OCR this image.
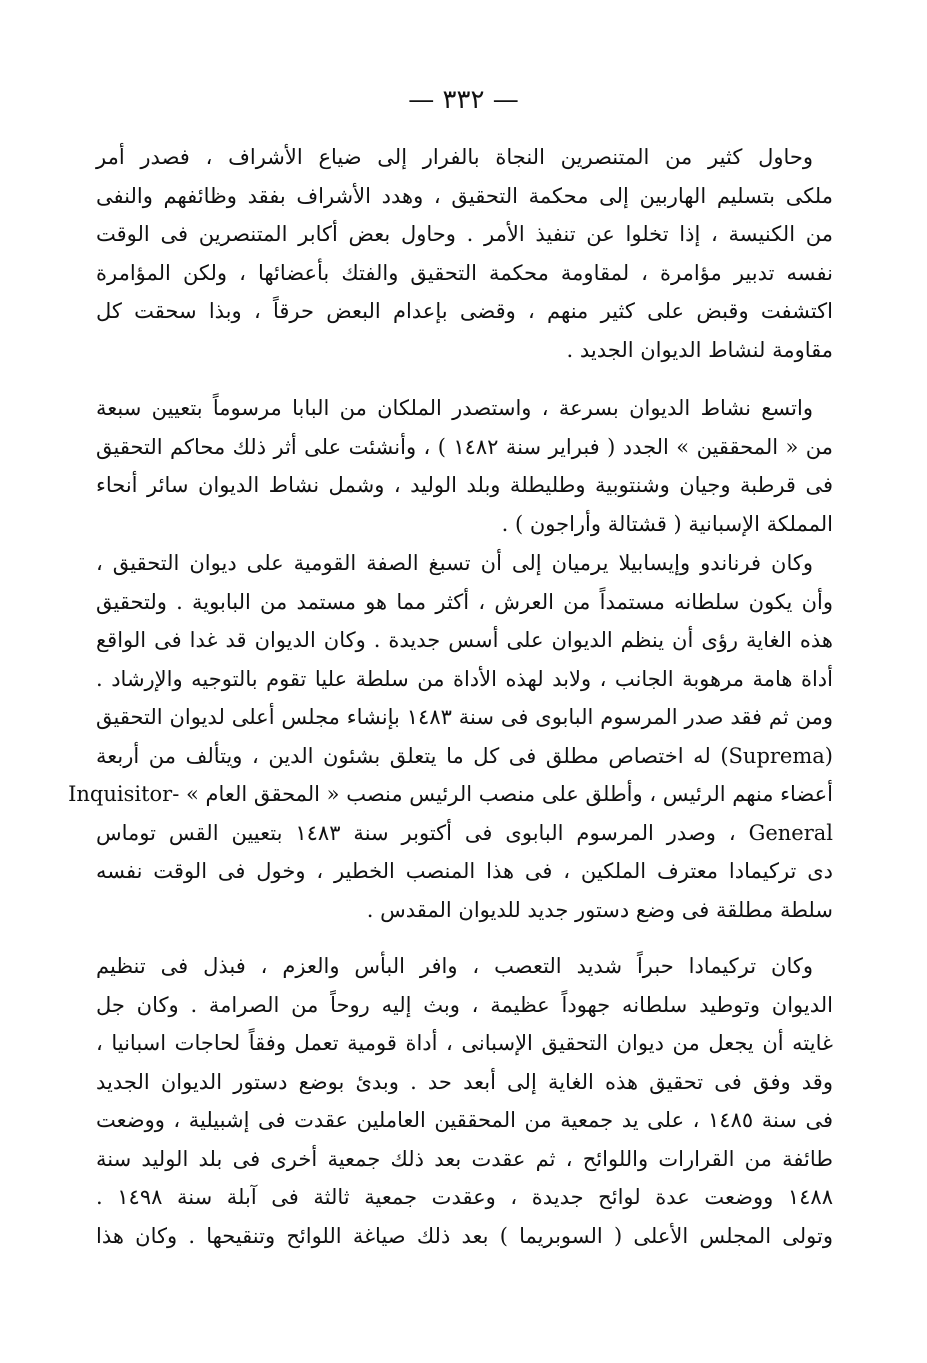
— ٣٣٢ —
وحاول كثير من المتنصرين النجاة بالفرار إلى ضياع الأشراف ، فصدر أمر
ملكى بتسليم الهاربين إلى محكمة التحقيق ، وهدد الأشراف بفقد وظائفهم والنفى
من الكنيسة ، إذا تخلوا عن تنفيذ الأمر . وحاول بعض أكابر المتنصرين فى الوقت
نفسه تدبير مؤامرة ، لمقاومة محكمة التحقيق والفتك بأعضائها ، ولكن المؤامرة
اكتشفت وقبض على كثير منهم ، وقضى بإعدام البعض حرقاً ، وبذا سحقت كل
مقاومة لنشاط الديوان الجديد .
واتسع نشاط الديوان بسرعة ، واستصدر الملكان من البابا مرسوماً بتعيين سبعة
من « المحققين » الجدد ( فبراير سنة ١٤٨٢ ) ، وأنشئت على أثر ذلك محاكم التحقيق
فى قرطبة وجيان وشنتوبية وطليطلة وبلد الوليد ، وشمل نشاط الديوان سائر أنحاء
المملكة الإسبانية ( قشتالة وأراجون ) .
وكان فرناندو وإيسابيلا يرميان إلى أن تسبغ الصفة القومية على ديوان التحقيق ،
وأن يكون سلطانه مستمداً من العرش ، أكثر مما هو مستمد من البابوية . ولتحقيق
هذه الغاية رؤى أن ينظم الديوان على أسس جديدة . وكان الديوان قد غدا فى الواقع
أداة هامة مرهوبة الجانب ، ولابد لهذه الأداة من سلطة عليا تقوم بالتوجيه والإرشاد .
ومن ثم فقد صدر المرسوم البابوى فى سنة ١٤٨٣ بإنشاء مجلس أعلى لديوان التحقيق
(Suprema) له اختصاص مطلق فى كل ما يتعلق بشئون الدين ، ويتألف من أربعة
أعضاء منهم الرئيس ، وأطلق على منصب الرئيس منصب « المحقق العام » -Inquisitor
General ، وصدر المرسوم البابوى فى أكتوبر سنة ١٤٨٣ بتعيين القس توماس
دى تركيمادا معترف الملكين ، فى هذا المنصب الخطير ، وخول فى الوقت نفسه
سلطة مطلقة فى وضع دستور جديد للديوان المقدس .
وكان تركيمادا حبراً شديد التعصب ، وافر البأس والعزم ، فبذل فى تنظيم
الديوان وتوطيد سلطانه جهوداً عظيمة ، وبث إليه روحاً من الصرامة . وكان جل
غايته أن يجعل من ديوان التحقيق الإسبانى ، أداة قومية تعمل وفقاً لحاجات اسبانيا ،
وقد وفق فى تحقيق هذه الغاية إلى أبعد حد . وبدئ بوضع دستور الديوان الجديد
فى سنة ١٤٨٥ ، على يد جمعية من المحققين العاملين عقدت فى إشبيلية ، ووضعت
طائفة من القرارات واللوائح ، ثم عقدت بعد ذلك جمعية أخرى فى بلد الوليد سنة
١٤٨٨ ووضعت عدة لوائح جديدة ، وعقدت جمعية ثالثة فى آبلة سنة ١٤٩٨ .
وتولى المجلس الأعلى ( السوبريما ) بعد ذلك صياغة اللوائح وتنقيحها . وكان هذا
